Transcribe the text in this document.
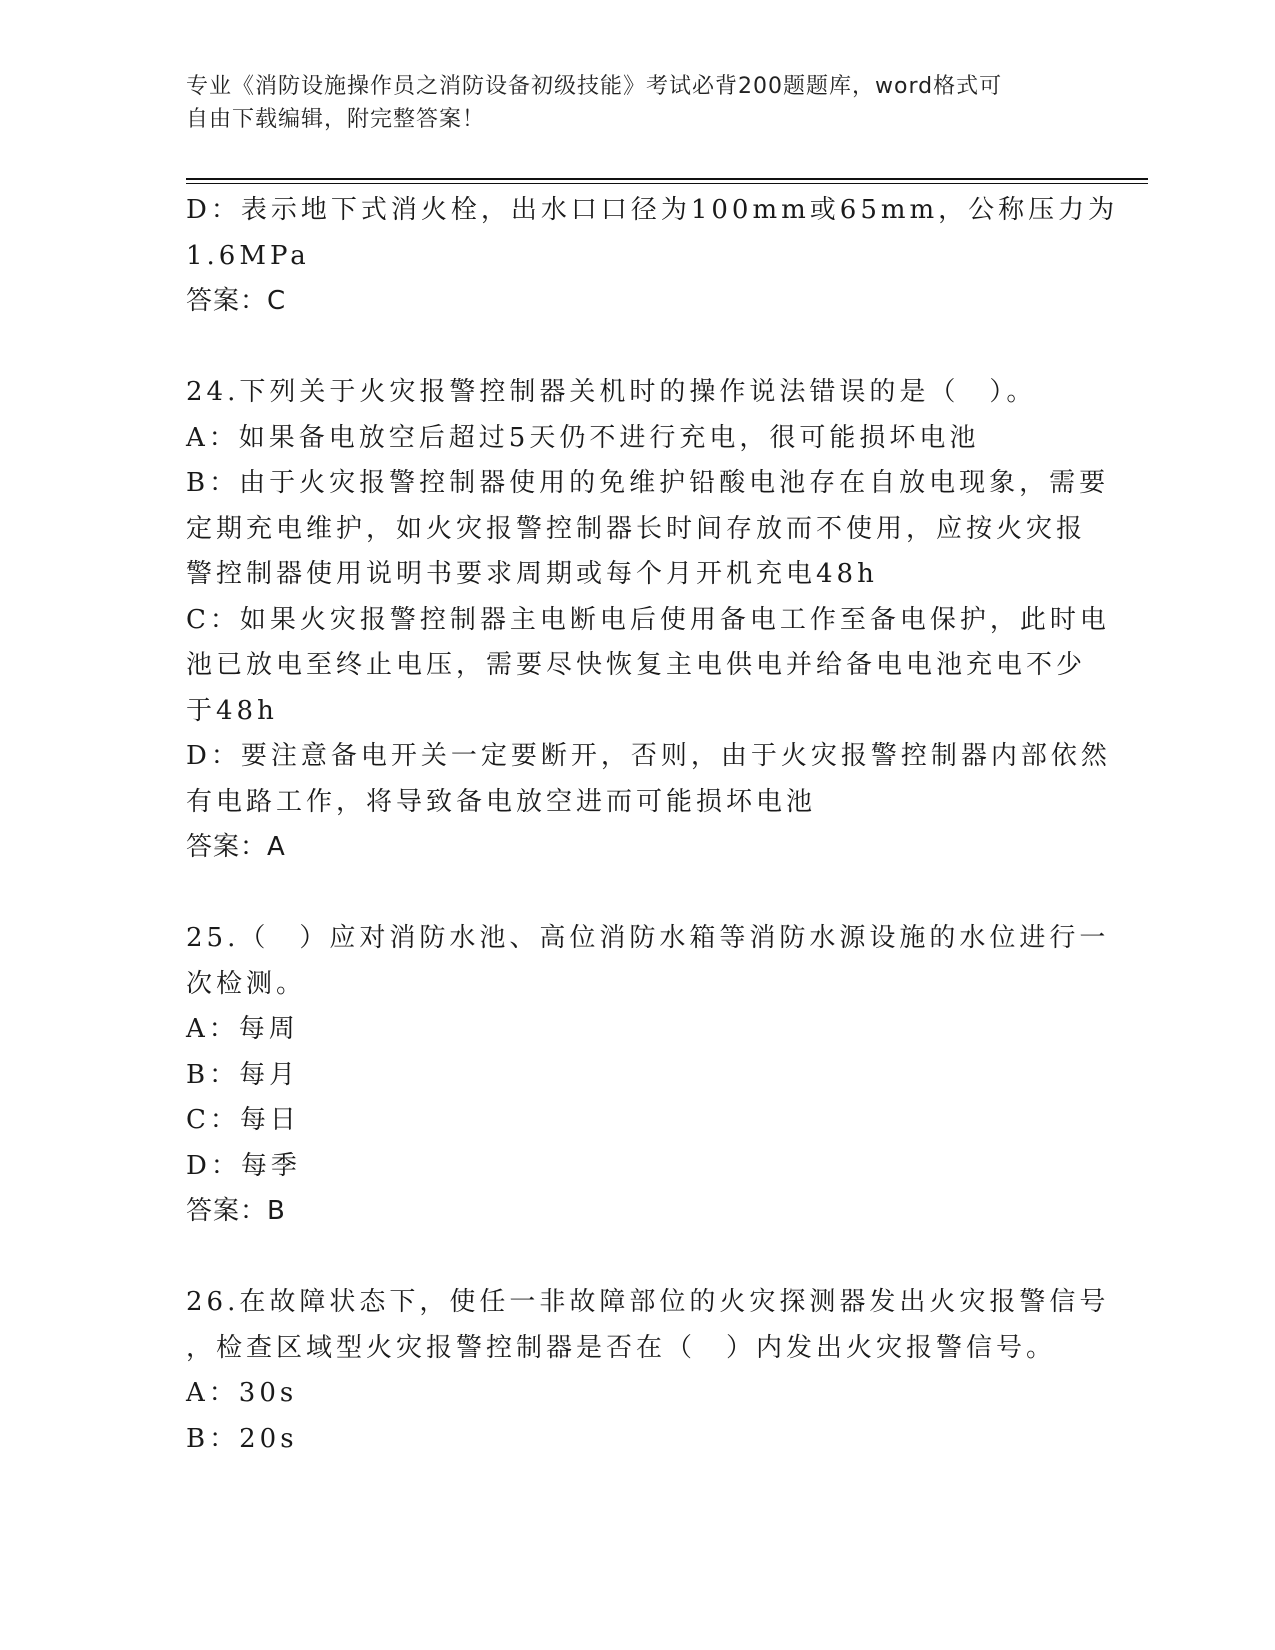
专业《消防设施操作员之消防设备初级技能》考试必背200题题库，word格式可
自由下载编辑，附完整答案！
D：表示地下式消火栓，出水口口径为100mm或65mm，公称压力为
1.6MPa
答案：C
24.下列关于火灾报警控制器关机时的操作说法错误的是（　）。
A：如果备电放空后超过5天仍不进行充电，很可能损坏电池
B：由于火灾报警控制器使用的免维护铅酸电池存在自放电现象，需要
定期充电维护，如火灾报警控制器长时间存放而不使用，应按火灾报
警控制器使用说明书要求周期或每个月开机充电48h
C：如果火灾报警控制器主电断电后使用备电工作至备电保护，此时电
池已放电至终止电压，需要尽快恢复主电供电并给备电电池充电不少
于48h
D：要注意备电开关一定要断开，否则，由于火灾报警控制器内部依然
有电路工作，将导致备电放空进而可能损坏电池
答案：A
25.（　）应对消防水池、高位消防水箱等消防水源设施的水位进行一
次检测。
A：每周
B：每月
C：每日
D：每季
答案：B
26.在故障状态下，使任一非故障部位的火灾探测器发出火灾报警信号
，检查区域型火灾报警控制器是否在（　）内发出火灾报警信号。
A：30s
B：20s
